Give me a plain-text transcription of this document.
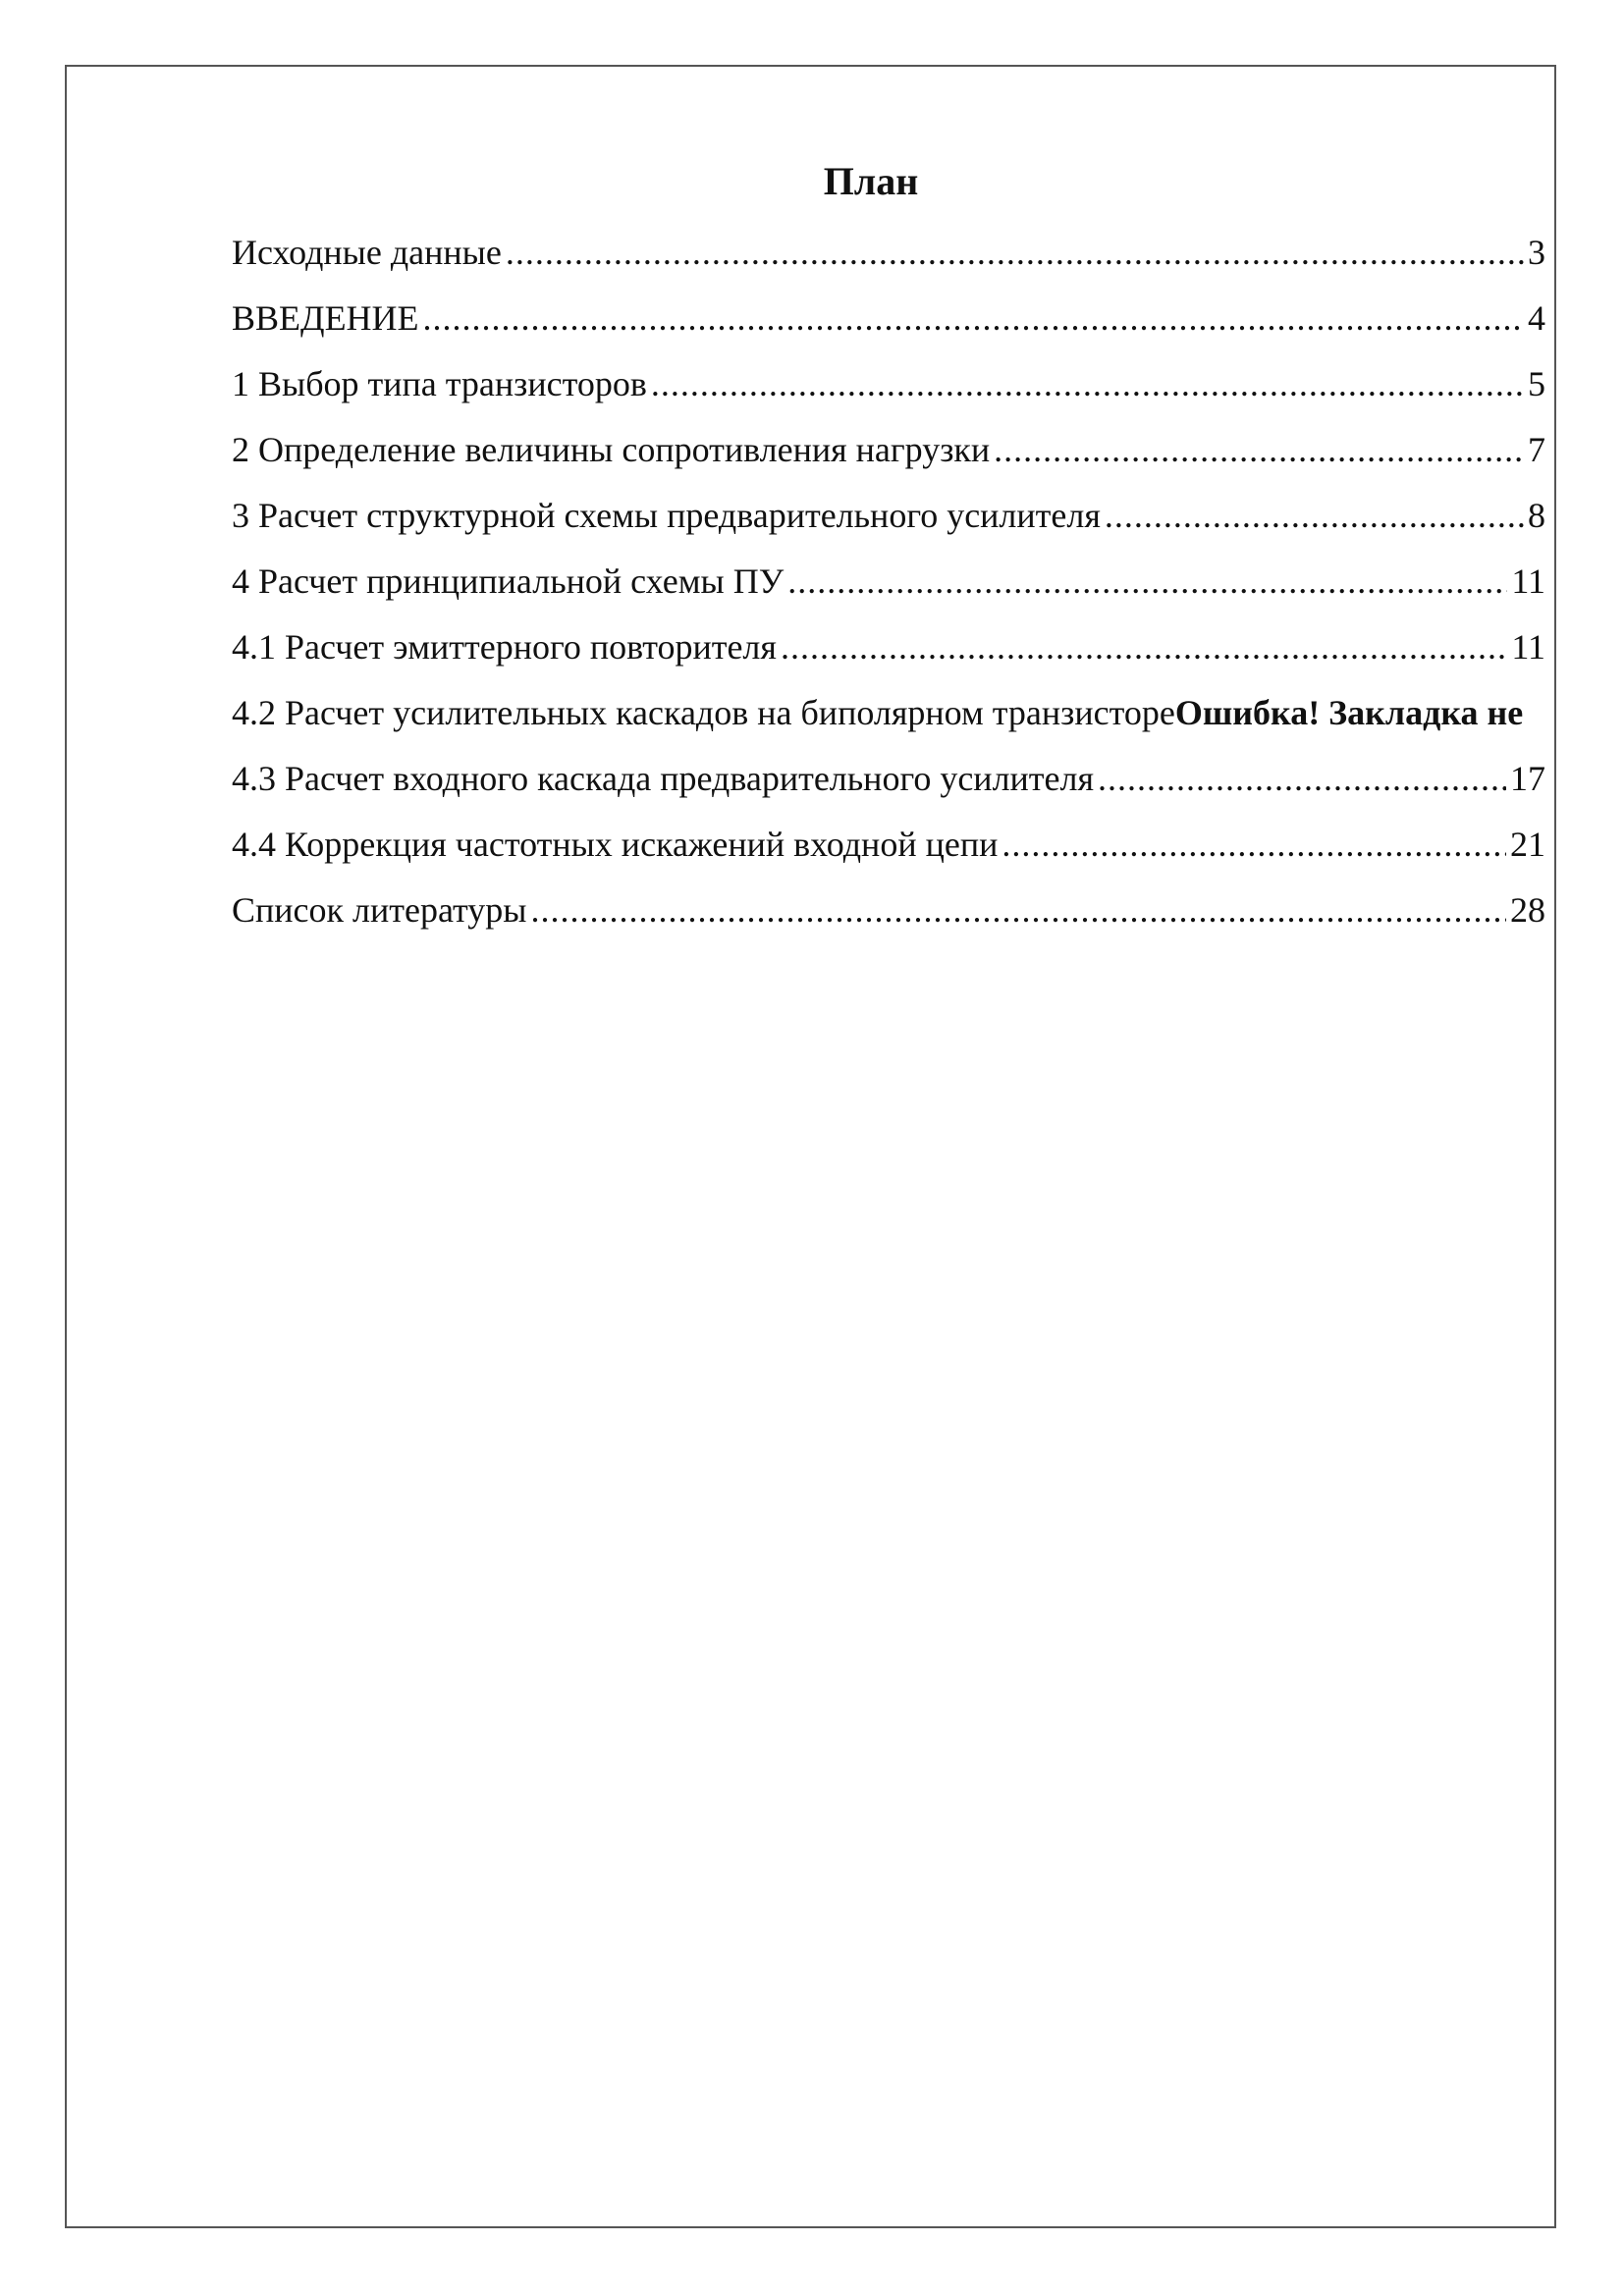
План
Исходные данные .....	3
ВВЕДЕНИЕ .....	4
1 Выбор типа транзисторов .....	5
2 Определение величины сопротивления нагрузки .....	7
3 Расчет структурной схемы предварительного усилителя .....	8
4 Расчет принципиальной схемы ПУ .....	11
4.1 Расчет эмиттерного повторителя .....	11
4.2 Расчет усилительных каскадов на биполярном транзисторе Ошибка! Закладка не
4.3 Расчет входного каскада предварительного усилителя .....	17
4.4 Коррекция частотных искажений входной цепи .....	21
Список литературы .....	28
